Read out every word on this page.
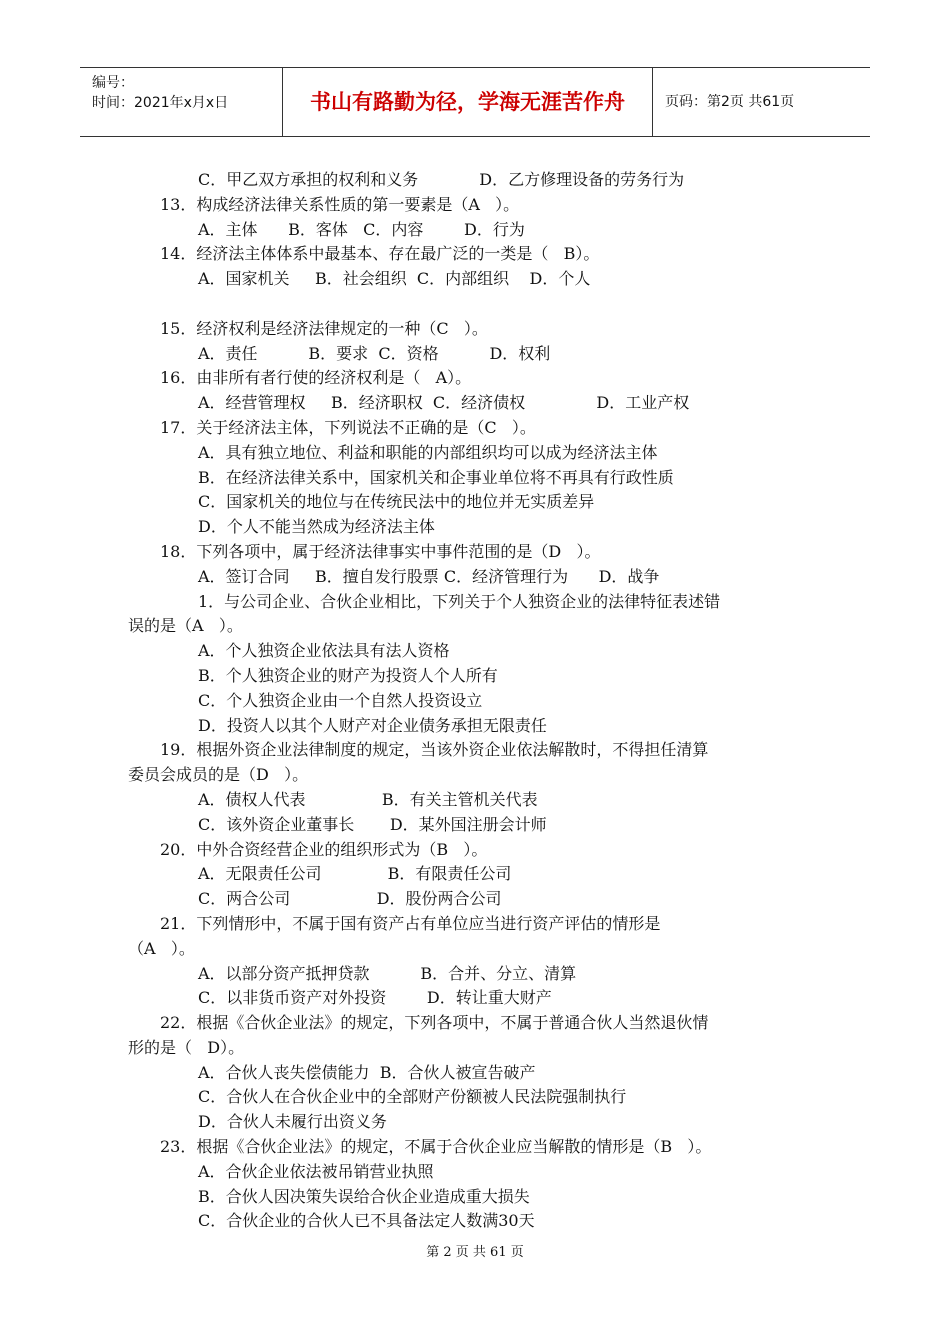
编号：
时间：2021年x月x日	书山有路勤为径，学海无涯苦作舟	页码：第2页 共61页
C．甲乙双方承担的权利和义务            D．乙方修理设备的劳务行为
13．构成经济法律关系性质的第一要素是（A   ）。
A．主体      B．客体   C．内容        D．行为
14．经济法主体体系中最基本、存在最广泛的一类是（   B）。
A．国家机关     B．社会组织  C．内部组织    D．个人
15．经济权利是经济法律规定的一种（C   ）。
A．责任          B．要求  C．资格          D．权利
16．由非所有者行使的经济权利是（   A）。
A．经营管理权     B．经济职权  C．经济债权              D．工业产权
17．关于经济法主体，下列说法不正确的是（C   ）。
A．具有独立地位、利益和职能的内部组织均可以成为经济法主体
B．在经济法律关系中，国家机关和企事业单位将不再具有行政性质
C．国家机关的地位与在传统民法中的地位并无实质差异
D．个人不能当然成为经济法主体
18．下列各项中，属于经济法律事实中事件范围的是（D   ）。
A．签订合同     B．擅自发行股票 C．经济管理行为      D．战争
1．与公司企业、合伙企业相比，下列关于个人独资企业的法律特征表述错
误的是（A   ）。
A．个人独资企业依法具有法人资格
B．个人独资企业的财产为投资人个人所有
C．个人独资企业由一个自然人投资设立
D．投资人以其个人财产对企业债务承担无限责任
19．根据外资企业法律制度的规定，当该外资企业依法解散时，不得担任清算
委员会成员的是（D   ）。
A．债权人代表               B．有关主管机关代表
C．该外资企业董事长       D．某外国注册会计师
20．中外合资经营企业的组织形式为（B   ）。
A．无限责任公司             B．有限责任公司
C．两合公司                 D．股份两合公司
21．下列情形中，不属于国有资产占有单位应当进行资产评估的情形是
（A   ）。
A．以部分资产抵押贷款          B．合并、分立、清算
C．以非货币资产对外投资        D．转让重大财产
22．根据《合伙企业法》的规定，下列各项中，不属于普通合伙人当然退伙情
形的是（   D）。
A．合伙人丧失偿债能力  B．合伙人被宣告破产
C．合伙人在合伙企业中的全部财产份额被人民法院强制执行
D．合伙人未履行出资义务
23．根据《合伙企业法》的规定，不属于合伙企业应当解散的情形是（B   ）。
A．合伙企业依法被吊销营业执照
B．合伙人因决策失误给合伙企业造成重大损失
C．合伙企业的合伙人已不具备法定人数满30天
第 2 页 共 61 页
